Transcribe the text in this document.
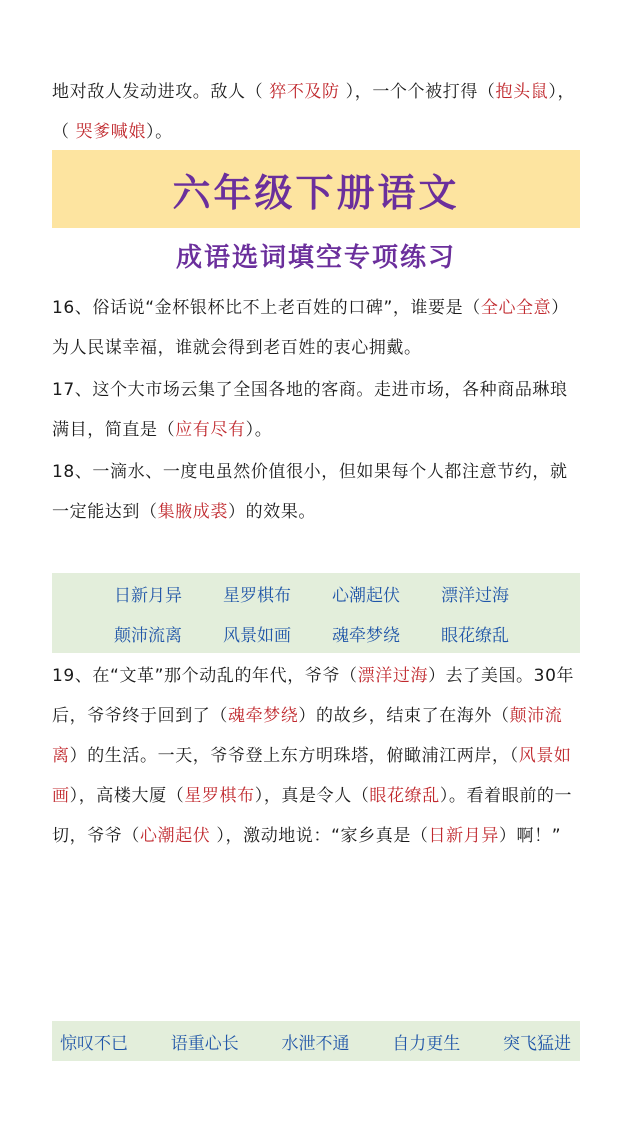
地对敌人发动进攻。敌人（ 猝不及防 ），一个个被打得（抱头鼠），（ 哭爹喊娘）。

六年级下册语文

成语选词填空专项练习

16、俗话说“金杯银杯比不上老百姓的口碑”，谁要是（全心全意）为人民谋幸福，谁就会得到老百姓的衷心拥戴。

17、这个大市场云集了全国各地的客商。走进市场，各种商品琳琅满目，简直是（应有尽有）。

18、一滴水、一度电虽然价值很小，但如果每个人都注意节约，就一定能达到（集腋成裘）的效果。

日新月异	星罗棋布	心潮起伏	漂洋过海
颠沛流离	风景如画	魂牵梦绕	眼花缭乱

19、在“文革”那个动乱的年代，爷爷（漂洋过海）去了美国。30年后，爷爷终于回到了（魂牵梦绕）的故乡，结束了在海外（颠沛流离）的生活。一天，爷爷登上东方明珠塔，俯瞰浦江两岸，（风景如画），高楼大厦（星罗棋布），真是令人（眼花缭乱）。看着眼前的一切，爷爷（心潮起伏 ），激动地说：“家乡真是（日新月异）啊！”

惊叹不已	语重心长	水泄不通	自力更生	突飞猛进
